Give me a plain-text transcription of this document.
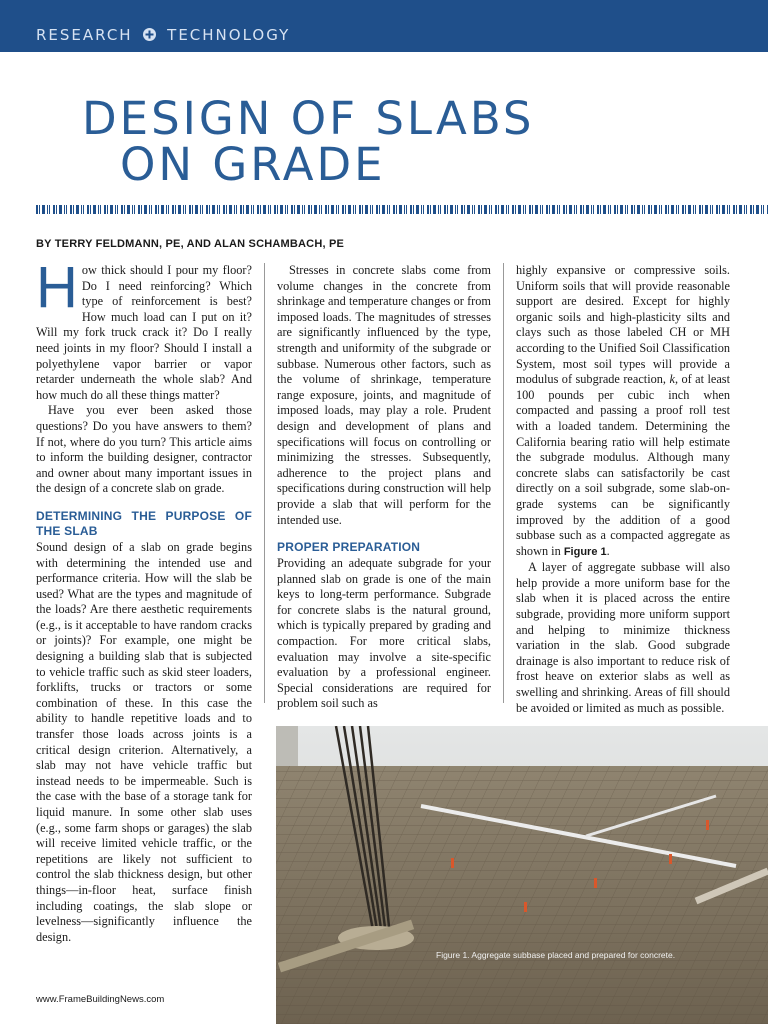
RESEARCH TECHNOLOGY
DESIGN OF SLABS
ON GRADE
BY TERRY FELDMANN, PE, AND ALAN SCHAMBACH, PE

How thick should I pour my floor? Do I need reinforcing? Which type of reinforcement is best? How much load can I put on it? Will my fork truck crack it? Do I really need joints in my floor? Should I install a polyethylene vapor barrier or vapor retarder underneath the whole slab? And how much do all these things matter?

Have you ever been asked those questions? Do you have answers to them? If not, where do you turn? This article aims to inform the building designer, contractor and owner about many important issues in the design of a concrete slab on grade.

DETERMINING THE PURPOSE OF THE SLAB

Sound design of a slab on grade begins with determining the intended use and performance criteria. How will the slab be used? What are the types and magnitude of the loads? Are there aesthetic requirements (e.g., is it acceptable to have random cracks or joints)? For example, one might be designing a building slab that is subjected to vehicle traffic such as skid steer loaders, forklifts, trucks or tractors or some combination of these. In this case the ability to handle repetitive loads and to transfer those loads across joints is a critical design criterion. Alternatively, a slab may not have vehicle traffic but instead needs to be impermeable. Such is the case with the base of a storage tank for liquid manure. In some other slab uses (e.g., some farm shops or garages) the slab will receive limited vehicle traffic, or the repetitions are likely not sufficient to control the slab thickness design, but other things—in-floor heat, surface finish including coatings, the slab slope or levelness—significantly influence the design.

Stresses in concrete slabs come from volume changes in the concrete from shrinkage and temperature changes or from imposed loads. The magnitudes of stresses are significantly influenced by the type, strength and uniformity of the subgrade or subbase. Numerous other factors, such as the volume of shrinkage, temperature range exposure, joints, and magnitude of imposed loads, may play a role. Prudent design and development of plans and specifications will focus on controlling or minimizing the stresses. Subsequently, adherence to the project plans and specifications during construction will help provide a slab that will perform for the intended use.

PROPER PREPARATION

Providing an adequate subgrade for your planned slab on grade is one of the main keys to long-term performance. Subgrade for concrete slabs is the natural ground, which is typically prepared by grading and compaction. For more critical slabs, evaluation may involve a site-specific evaluation by a professional engineer. Special considerations are required for problem soil such as

highly expansive or compressive soils. Uniform soils that will provide reasonable support are desired. Except for highly organic soils and high-plasticity silts and clays such as those labeled CH or MH according to the Unified Soil Classification System, most soil types will provide a modulus of subgrade reaction, k, of at least 100 pounds per cubic inch when compacted and passing a proof roll test with a loaded tandem. Determining the California bearing ratio will help estimate the subgrade modulus. Although many concrete slabs can satisfactorily be cast directly on a soil subgrade, some slab-on-grade systems can be significantly improved by the addition of a good subbase such as a compacted aggregate as shown in Figure 1.

A layer of aggregate subbase will also help provide a more uniform base for the slab when it is placed across the entire subgrade, providing more uniform support and helping to minimize thickness variation in the slab. Good subgrade drainage is also important to reduce risk of frost heave on exterior slabs as well as swelling and shrinking. Areas of fill should be avoided or limited as much as possible.

Figure 1. Aggregate subbase placed and prepared for concrete.
www.FrameBuildingNews.com
